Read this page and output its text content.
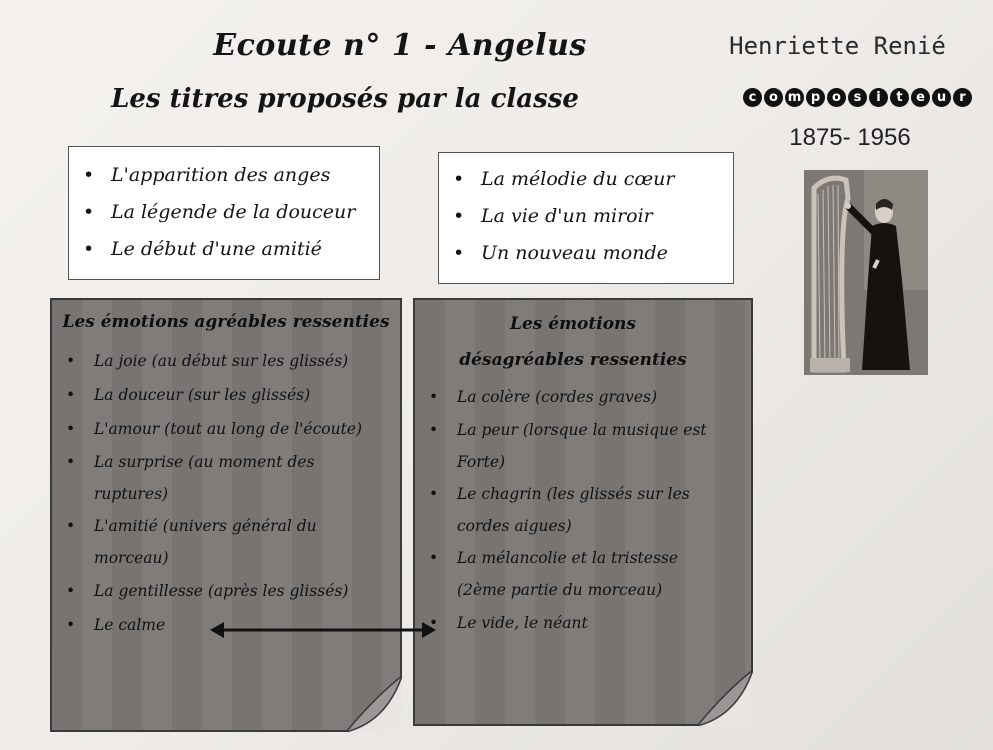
Ecoute n° 1 - Angelus
Les titres proposés par la classe
Henriette Renié
c o m p o s	i	t	e u	r
1875- 1956
• L'apparition des anges
• La légende de la douceur
• Le début d'une amitié
• La mélodie du cœur
• La vie d'un miroir
• Un nouveau monde
Les émotions agréables ressenties
• La joie (au début sur les glissés)
• La douceur (sur les glissés)
• L'amour (tout au long de l'écoute)
• La surprise (au moment des ruptures)
• L'amitié (univers général du morceau)
• La gentillesse (après les glissés)
• Le calme
Les émotions désagréables ressenties
• La colère (cordes graves)
• La peur (lorsque la musique est Forte)
• Le chagrin (les glissés sur les cordes aigues)
• La mélancolie et la tristesse (2ème partie du morceau)
• Le vide, le néant
